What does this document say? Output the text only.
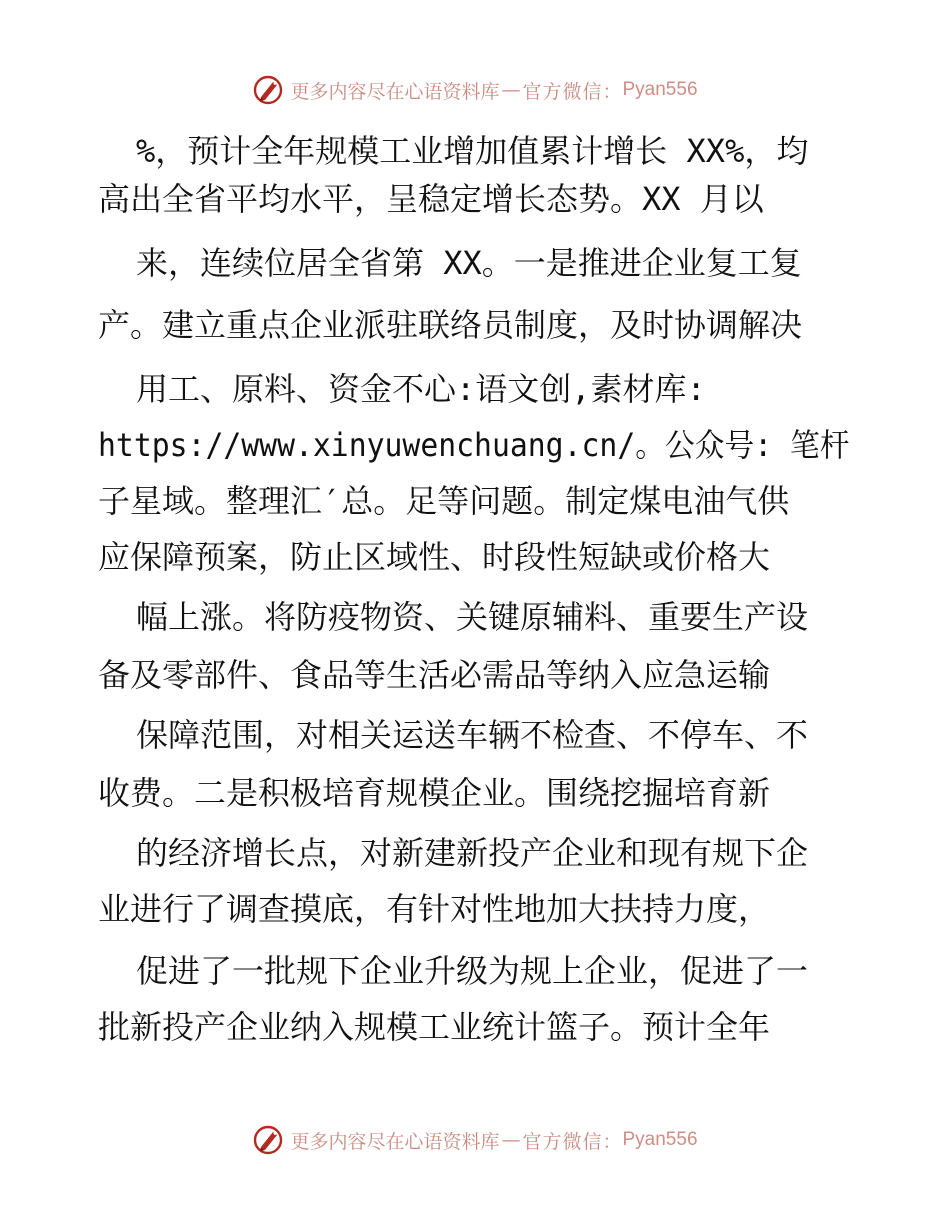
更多内容尽在心语资料库 — 官方微信： Pyan556
%，预计全年规模工业增加值累计增长 XX%，均
高出全省平均水平，呈稳定增长态势。XX 月以
来，连续位居全省第 XX。一是推进企业复工复
产。建立重点企业派驻联络员制度，及时协调解决
用工、原料、资金不心:语文创,素材库:
https://www.xinyuwenchuang.cn/。公众号: 笔杆
子星域。整理汇′总。足等问题。制定煤电油气供
应保障预案，防止区域性、时段性短缺或价格大
幅上涨。将防疫物资、关键原辅料、重要生产设
备及零部件、食品等生活必需品等纳入应急运输
保障范围，对相关运送车辆不检查、不停车、不
收费。二是积极培育规模企业。围绕挖掘培育新
的经济增长点，对新建新投产企业和现有规下企
业进行了调查摸底，有针对性地加大扶持力度，
促进了一批规下企业升级为规上企业，促进了一
批新投产企业纳入规模工业统计篮子。预计全年
更多内容尽在心语资料库 — 官方微信： Pyan556
